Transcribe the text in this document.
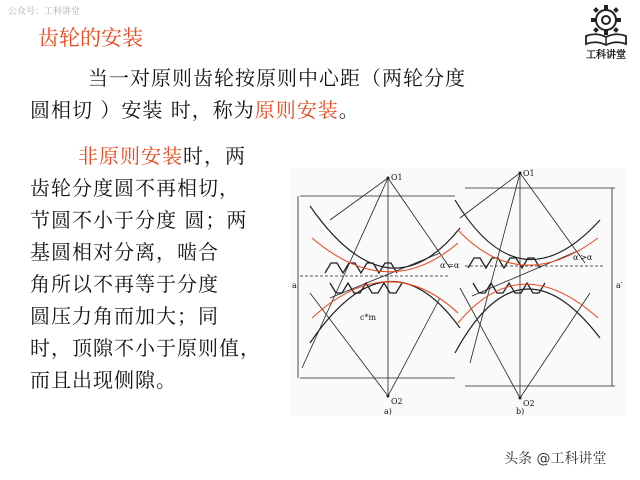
公众号：工科讲堂
工科讲堂
齿轮的安装
当一对原则齿轮按原则中心距（两轮分度
圆相切 ）安装 时，称为原则安装。
非原则安装时，两
齿轮分度圆不再相切，
节圆不小于分度 圆；两
基圆相对分离，啮合
角所以不再等于分度
圆压力角而加大；同
时，顶隙不小于原则值，
而且出现侧隙。
O1
O2
O1
O2
a	a′
α′=α
α′>α
c*m
a)	b)
头条 @工科讲堂
